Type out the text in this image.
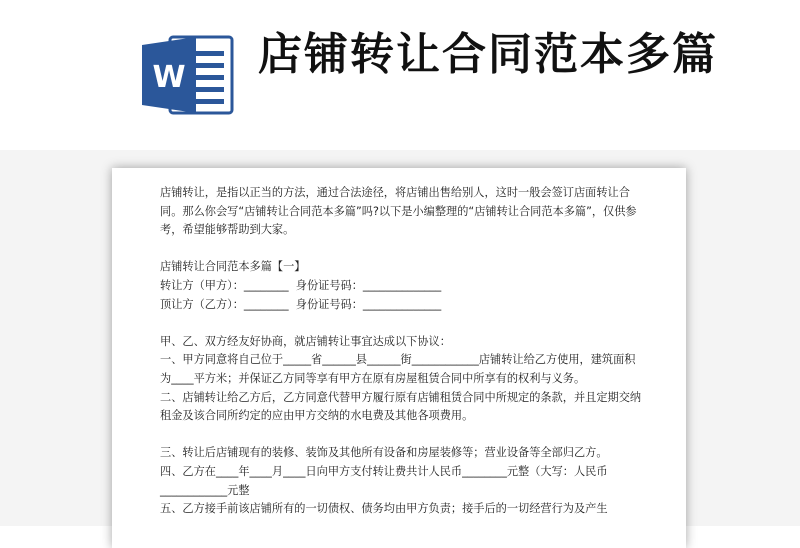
W 店铺转让合同范本多篇

店铺转让，是指以正当的方法，通过合法途径，将店铺出售给别人，这时一般会签订店面转让合同。那么你会写“店铺转让合同范本多篇”吗?以下是小编整理的“店铺转让合同范本多篇”，仅供参考，希望能够帮助到大家。

店铺转让合同范本多篇【一】

转让方（甲方）：________  身份证号码：______________

顶让方（乙方）：________  身份证号码：______________

甲、乙、双方经友好协商，就店铺转让事宜达成以下协议：

一、甲方同意将自己位于_____省______县______街____________店铺转让给乙方使用，建筑面积为____平方米；并保证乙方同等享有甲方在原有房屋租赁合同中所享有的权利与义务。

二、店铺转让给乙方后，乙方同意代替甲方履行原有店铺租赁合同中所规定的条款，并且定期交纳租金及该合同所约定的应由甲方交纳的水电费及其他各项费用。

三、转让后店铺现有的装修、装饰及其他所有设备和房屋装修等；营业设备等全部归乙方。

四、乙方在____年____月____日向甲方支付转让费共计人民币________元整（大写：人民币 ____________元整

五、乙方接手前该店铺所有的一切债权、债务均由甲方负责；接手后的一切经营行为及产生
